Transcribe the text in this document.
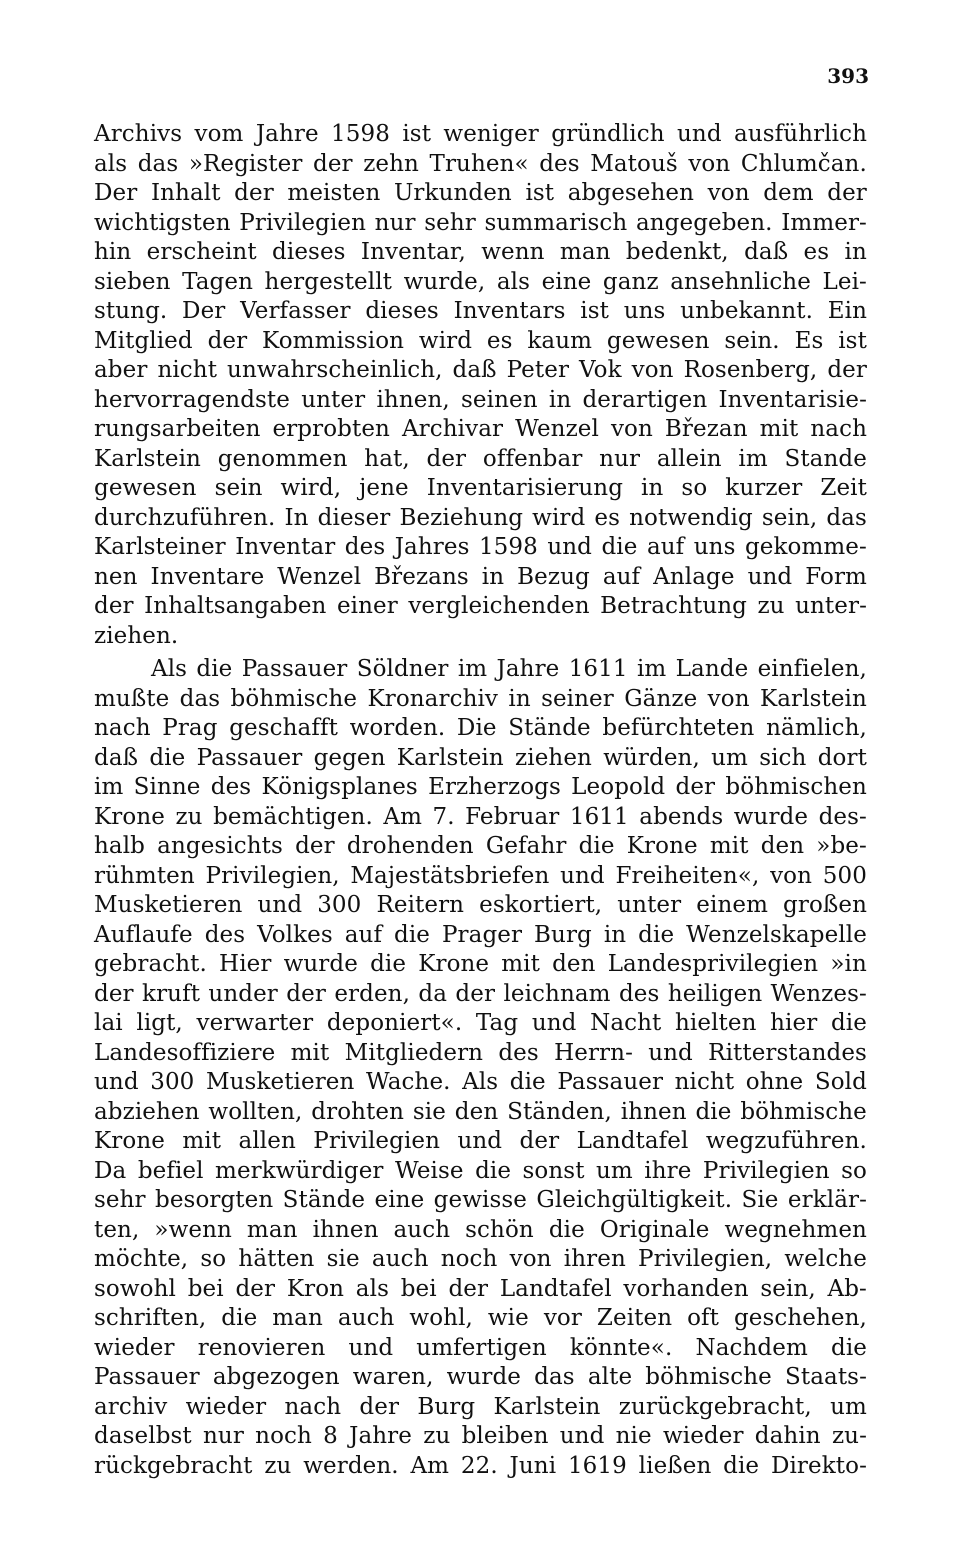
393
Archivs vom Jahre 1598 ist weniger gründlich und ausführlich
als das »Register der zehn Truhen« des Matouš von Chlumčan.
Der Inhalt der meisten Urkunden ist abgesehen von dem der
wichtigsten Privilegien nur sehr summarisch angegeben. Immer-
hin erscheint dieses Inventar, wenn man bedenkt, daß es in
sieben Tagen hergestellt wurde, als eine ganz ansehnliche Lei-
stung. Der Verfasser dieses Inventars ist uns unbekannt. Ein
Mitglied der Kommission wird es kaum gewesen sein. Es ist
aber nicht unwahrscheinlich, daß Peter Vok von Rosenberg, der
hervorragendste unter ihnen, seinen in derartigen Inventarisie-
rungsarbeiten erprobten Archivar Wenzel von Březan mit nach
Karlstein genommen hat, der offenbar nur allein im Stande
gewesen sein wird, jene Inventarisierung in so kurzer Zeit
durchzuführen. In dieser Beziehung wird es notwendig sein, das
Karlsteiner Inventar des Jahres 1598 und die auf uns gekomme-
nen Inventare Wenzel Březans in Bezug auf Anlage und Form
der Inhaltsangaben einer vergleichenden Betrachtung zu unter-
ziehen.
Als die Passauer Söldner im Jahre 1611 im Lande einfielen,
mußte das böhmische Kronarchiv in seiner Gänze von Karlstein
nach Prag geschafft worden. Die Stände befürchteten nämlich,
daß die Passauer gegen Karlstein ziehen würden, um sich dort
im Sinne des Königsplanes Erzherzogs Leopold der böhmischen
Krone zu bemächtigen. Am 7. Februar 1611 abends wurde des-
halb angesichts der drohenden Gefahr die Krone mit den »be-
rühmten Privilegien, Majestätsbriefen und Freiheiten«, von 500
Musketieren und 300 Reitern eskortiert, unter einem großen
Auflaufe des Volkes auf die Prager Burg in die Wenzelskapelle
gebracht. Hier wurde die Krone mit den Landesprivilegien »in
der kruft under der erden, da der leichnam des heiligen Wenzes-
lai ligt, verwarter deponiert«. Tag und Nacht hielten hier die
Landesoffiziere mit Mitgliedern des Herrn- und Ritterstandes
und 300 Musketieren Wache. Als die Passauer nicht ohne Sold
abziehen wollten, drohten sie den Ständen, ihnen die böhmische
Krone mit allen Privilegien und der Landtafel wegzuführen.
Da befiel merkwürdiger Weise die sonst um ihre Privilegien so
sehr besorgten Stände eine gewisse Gleichgültigkeit. Sie erklär-
ten, »wenn man ihnen auch schön die Originale wegnehmen
möchte, so hätten sie auch noch von ihren Privilegien, welche
sowohl bei der Kron als bei der Landtafel vorhanden sein, Ab-
schriften, die man auch wohl, wie vor Zeiten oft geschehen,
wieder renovieren und umfertigen könnte«. Nachdem die
Passauer abgezogen waren, wurde das alte böhmische Staats-
archiv wieder nach der Burg Karlstein zurückgebracht, um
daselbst nur noch 8 Jahre zu bleiben und nie wieder dahin zu-
rückgebracht zu werden. Am 22. Juni 1619 ließen die Direkto-
